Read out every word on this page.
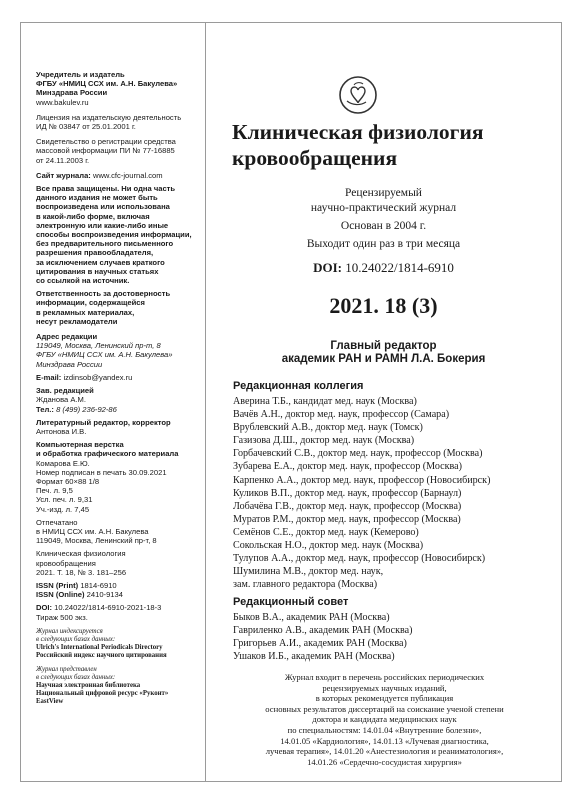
Учредитель и издатель

ФГБУ «НМИЦ ССХ им. А.Н. Бакулева»

Минздрава России

www.bakulev.ru

Лицензия на издательскую деятельность

ИД № 03847 от 25.01.2001 г.

Свидетельство о регистрации средства

массовой информации ПИ № 77-16885

от 24.11.2003 г.

Сайт журнала: www.cfc-journal.com

Все права защищены. Ни одна часть

данного издания не может быть

воспроизведена или использована

в какой-либо форме, включая

электронную или какие-либо иные

способы воспроизведения информации,

без предварительного письменного

разрешения правообладателя,

за исключением случаев краткого

цитирования в научных статьях

со ссылкой на источник.

Ответственность за достоверность

информации, содержащейся

в рекламных материалах,

несут рекламодатели

Адрес редакции

119049, Москва, Ленинский пр-т, 8

ФГБУ «НМИЦ ССХ им. А.Н. Бакулева»

Минздрава России

E-mail: izdinsob@yandex.ru

Зав. редакцией

Жданова А.М.

Тел.: 8 (499) 236-92-86

Литературный редактор, корректор

Антонова И.В.

Компьютерная верстка

и обработка графического материала

Комарова Е.Ю.

Номер подписан в печать 30.09.2021

Формат 60×88 1/8

Печ. л. 9,5

Усл. печ. л. 9,31

Уч.-изд. л. 7,45

Отпечатано

в НМИЦ ССХ им. А.Н. Бакулева

119049, Москва, Ленинский пр-т, 8

Клиническая физиология

кровообращения

2021. Т. 18, № 3. 181–256

ISSN (Print) 1814-6910

ISSN (Online) 2410-9134

DOI: 10.24022/1814-6910-2021-18-3

Тираж 500 экз.

Журнал индексируется

в следующих базах данных:

Ulrich's International Periodicals Directory

Российский индекс научного цитирования

Журнал представлен

в следующих базах данных:

Научная электронная библиотека

Национальный цифровой ресурс «Руконт»

EastView

Клиническая физиология

кровообращения

Рецензируемый

научно-практический журнал

Основан в 2004 г.

Выходит один раз в три месяца

DOI: 10.24022/1814-6910
2021. 18 (3)
Главный редактор
академик РАН и РАМН Л.А. Бокерия

Редакционная коллегия

Аверина Т.Б., кандидат мед. наук (Москва)
Вачёв А.Н., доктор мед. наук, профессор (Самара)
Врублевский А.В., доктор мед. наук (Томск)
Газизова Д.Ш., доктор мед. наук (Москва)
Горбачевский С.В., доктор мед. наук, профессор (Москва)
Зубарева Е.А., доктор мед. наук, профессор (Москва)
Карпенко А.А., доктор мед. наук, профессор (Новосибирск)
Куликов В.П., доктор мед. наук, профессор (Барнаул)
Лобачёва Г.В., доктор мед. наук, профессор (Москва)
Муратов Р.М., доктор мед. наук, профессор (Москва)
Семёнов С.Е., доктор мед. наук (Кемерово)
Сокольская Н.О., доктор мед. наук (Москва)
Тулупов А.А., доктор мед. наук, профессор (Новосибирск)
Шумилина М.В., доктор мед. наук,
зам. главного редактора (Москва)

Редакционный совет

Быков В.А., академик РАН (Москва)
Гавриленко А.В., академик РАН (Москва)
Григорьев А.И., академик РАН (Москва)
Ушаков И.Б., академик РАН (Москва)
Журнал входит в перечень российских периодических
рецензируемых научных изданий,
в которых рекомендуется публикация
основных результатов диссертаций на соискание ученой степени
доктора и кандидата медицинских наук
по специальностям: 14.01.04 «Внутренние болезни»,
14.01.05 «Кардиология», 14.01.13 «Лучевая диагностика,
лучевая терапия», 14.01.20 «Анестезиология и реаниматология»,
14.01.26 «Сердечно-сосудистая хирургия»
